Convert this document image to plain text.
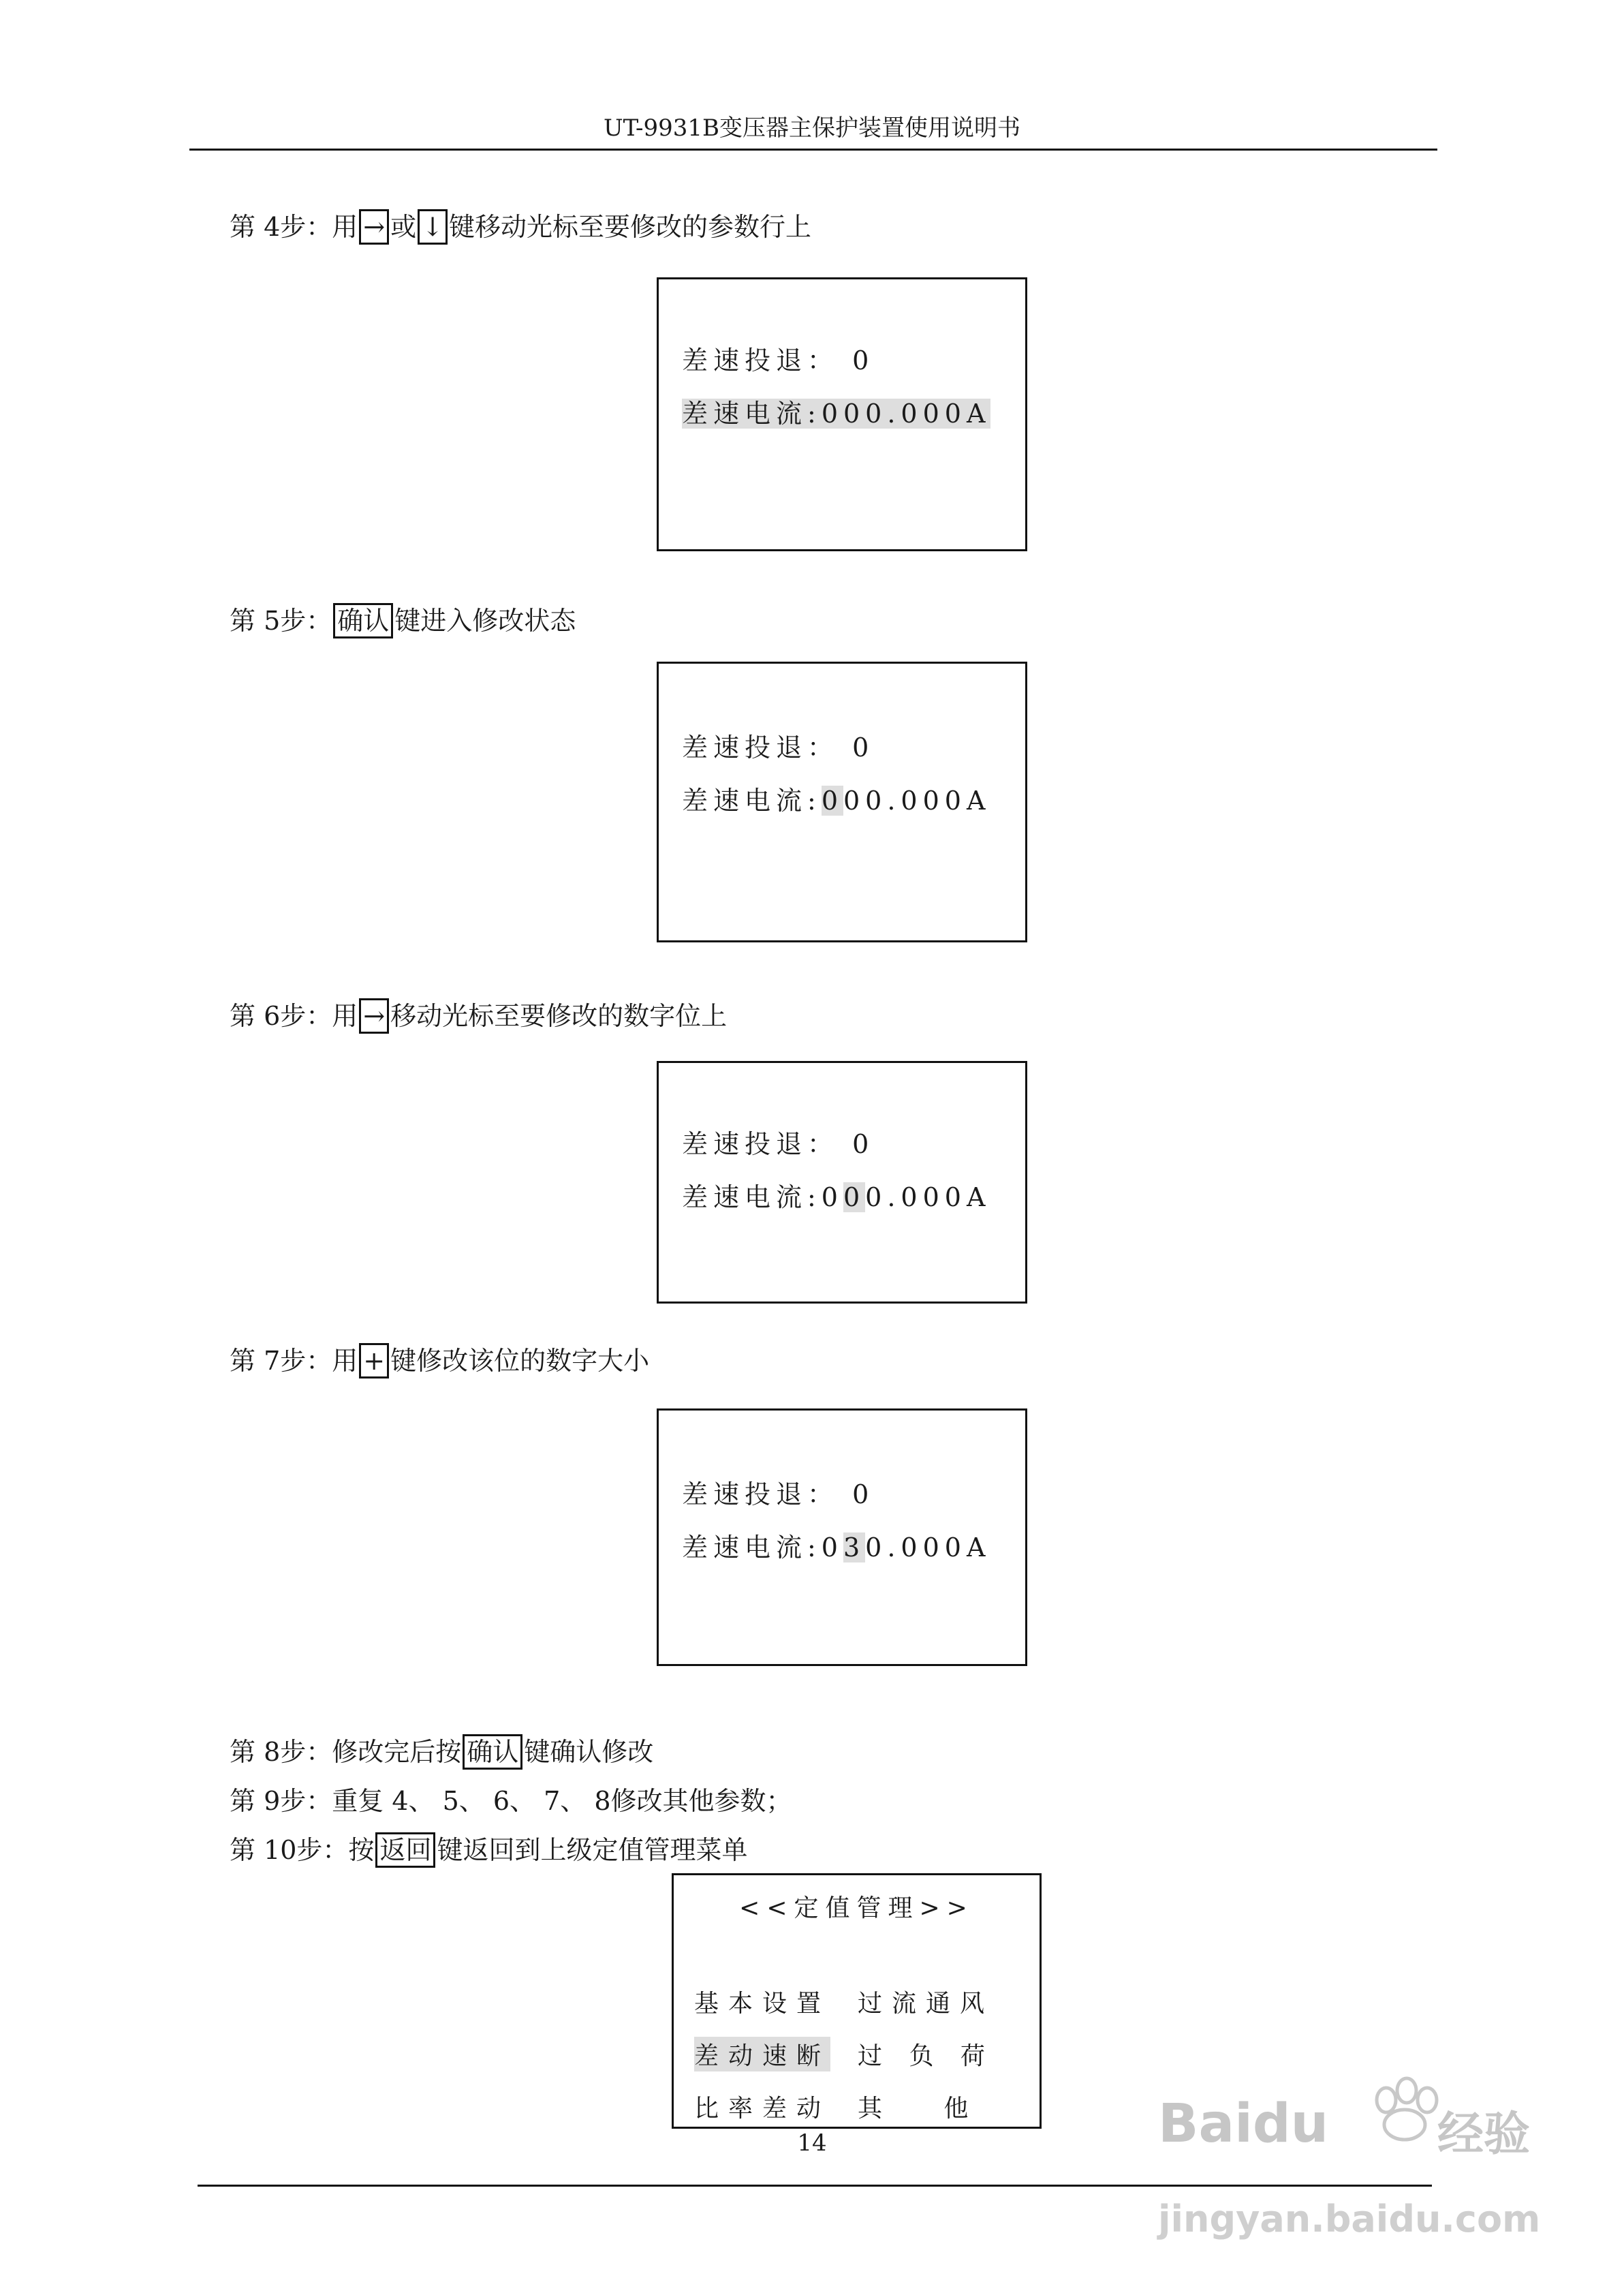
UT-9931B变压器主保护装置使用说明书
第 4步：用 → 或 ↓ 键移动光标至要修改的参数行上
差速投退： 0
差速电流:000.000A
第 5步： 确认 键进入修改状态
差速投退： 0
差速电流:000.000A
第 6步：用 → 移动光标至要修改的数字位上
差速投退： 0
差速电流:000.000A
第 7步：用 + 键修改该位的数字大小
差速投退： 0
差速电流:030.000A
第 8步：修改完后按 确认 键确认修改
第 9步：重复 4、 5、 6、 7、 8修改其他参数；
第 10步：按 返回 键返回到上级定值管理菜单
<<定值管理>>
基本设置 过流通风
差动速断 过 负 荷
比率差动 其   他
14	Baidu 经验
jingyan.baidu.com
